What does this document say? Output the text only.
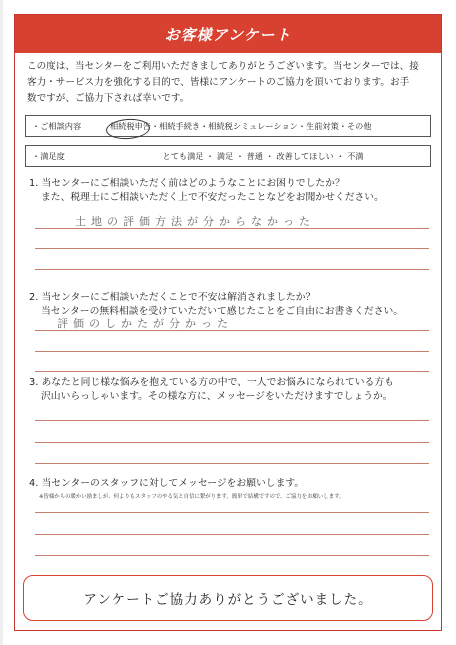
お客様アンケート
この度は、当センターをご利用いただきましてありがとうございます。当センターでは、接
客力・サービス力を強化する目的で、皆様にアンケートのご協力を頂いております。お手
数ですが、ご協力下されば幸いです。
・ご相談内容	相続税申告・相続手続き・相続税シミュレーション・生前対策・その他
・満足度	とても満足 ・ 満足 ・ 普通 ・ 改善してほしい ・ 不満
1. 当センターにご相談いただく前はどのようなことにお困りでしたか？
また、税理士にご相談いただく上で不安だったことなどをお聞かせください。
土地の評価方法が分からなかった
2. 当センターにご相談いただくことで不安は解消されましたか？
当センターの無料相談を受けていただいて感じたことをご自由にお書きください。
評価のしかたが分かった
3. あなたと同じ様な悩みを抱えている方の中で、一人でお悩みになられている方も
沢山いらっしゃいます。その様な方に、メッセージをいただけますでしょうか。
4. 当センターのスタッフに対してメッセージをお願いします。
※皆様からの暖かい励ましが、何よりもスタッフのやる気と自信に繋がります。簡単で結構ですので、ご協力をお願いします。
アンケートご協力ありがとうございました。
